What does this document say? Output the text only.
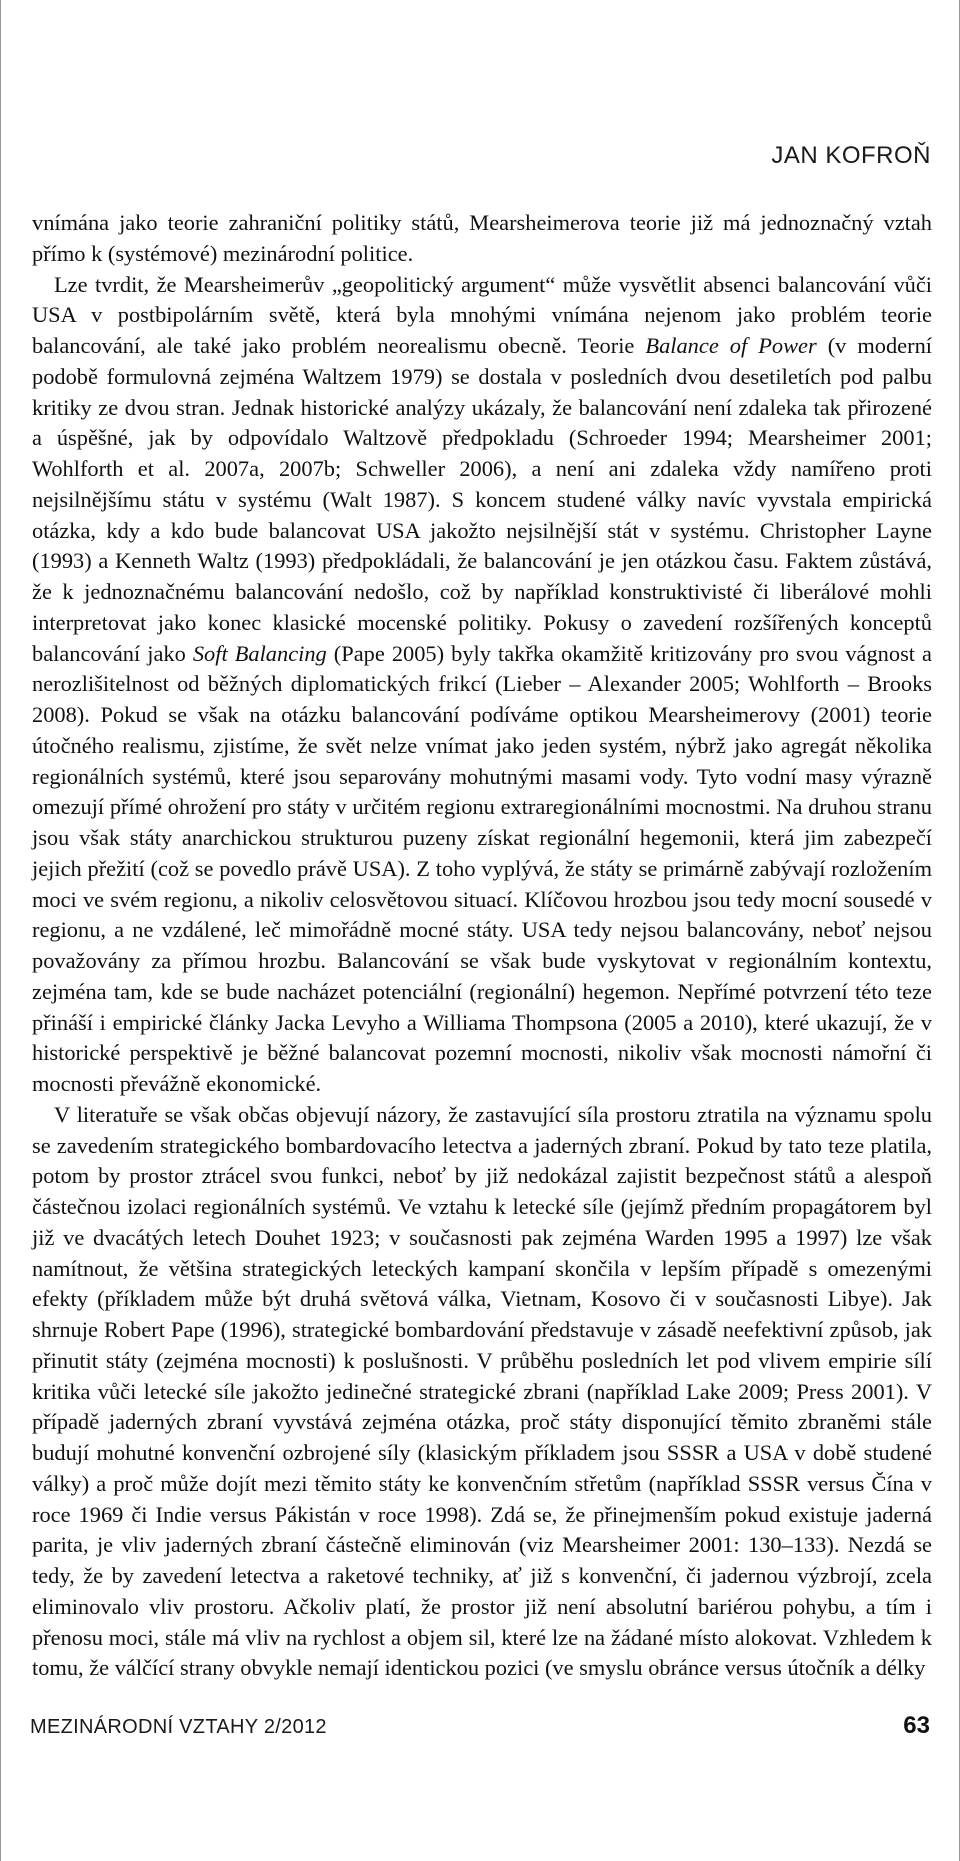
JAN KOFROŇ

vnímána jako teorie zahraniční politiky států, Mearsheimerova teorie již má jednoznačný vztah přímo k (systémové) mezinárodní politice.

Lze tvrdit, že Mearsheimerův „geopolitický argument“ může vysvětlit absenci balancování vůči USA v postbipolárním světě, která byla mnohými vnímána nejenom jako problém teorie balancování, ale také jako problém neorealismu obecně. Teorie Balance of Power (v moderní podobě formulovná zejména Waltzem 1979) se dostala v posledních dvou desetiletích pod palbu kritiky ze dvou stran. Jednak historické analýzy ukázaly, že balancování není zdaleka tak přirozené a úspěšné, jak by odpovídalo Waltzově předpokladu (Schroeder 1994; Mearsheimer 2001; Wohlforth et al. 2007a, 2007b; Schweller 2006), a není ani zdaleka vždy namířeno proti nejsilnějšímu státu v systému (Walt 1987). S koncem studené války navíc vyvstala empirická otázka, kdy a kdo bude balancovat USA jakožto nejsilnější stát v systému. Christopher Layne (1993) a Kenneth Waltz (1993) předpokládali, že balancování je jen otázkou času. Faktem zůstává, že k jednoznačnému balancování nedošlo, což by například konstruktivisté či liberálové mohli interpretovat jako konec klasické mocenské politiky. Pokusy o zavedení rozšířených konceptů balancování jako Soft Balancing (Pape 2005) byly takřka okamžitě kritizovány pro svou vágnost a nerozlišitelnost od běžných diplomatických frikcí (Lieber – Alexander 2005; Wohlforth – Brooks 2008). Pokud se však na otázku balancování podíváme optikou Mearsheimerovy (2001) teorie útočného realismu, zjistíme, že svět nelze vnímat jako jeden systém, nýbrž jako agregát několika regionálních systémů, které jsou separovány mohutnými masami vody. Tyto vodní masy výrazně omezují přímé ohrožení pro státy v určitém regionu extraregionálními mocnostmi. Na druhou stranu jsou však státy anarchickou strukturou puzeny získat regionální hegemonii, která jim zabezpečí jejich přežití (což se povedlo právě USA). Z toho vyplývá, že státy se primárně zabývají rozložením moci ve svém regionu, a nikoliv celosvětovou situací. Klíčovou hrozbou jsou tedy mocní sousedé v regionu, a ne vzdálené, leč mimořádně mocné státy. USA tedy nejsou balancovány, neboť nejsou považovány za přímou hrozbu. Balancování se však bude vyskytovat v regionálním kontextu, zejména tam, kde se bude nacházet potenciální (regionální) hegemon. Nepřímé potvrzení této teze přináší i empirické články Jacka Levyho a Williama Thompsona (2005 a 2010), které ukazují, že v historické perspektivě je běžné balancovat pozemní mocnosti, nikoliv však mocnosti námořní či mocnosti převážně ekonomické.

V literatuře se však občas objevují názory, že zastavující síla prostoru ztratila na významu spolu se zavedením strategického bombardovacího letectva a jaderných zbraní. Pokud by tato teze platila, potom by prostor ztrácel svou funkci, neboť by již nedokázal zajistit bezpečnost států a alespoň částečnou izolaci regionálních systémů. Ve vztahu k letecké síle (jejímž předním propagátorem byl již ve dvacátých letech Douhet 1923; v současnosti pak zejména Warden 1995 a 1997) lze však namítnout, že většina strategických leteckých kampaní skončila v lepším případě s omezenými efekty (příkladem může být druhá světová válka, Vietnam, Kosovo či v současnosti Libye). Jak shrnuje Robert Pape (1996), strategické bombardování představuje v zásadě neefektivní způsob, jak přinutit státy (zejména mocnosti) k poslušnosti. V průběhu posledních let pod vlivem empirie sílí kritika vůči letecké síle jakožto jedinečné strategické zbrani (například Lake 2009; Press 2001). V případě jaderných zbraní vyvstává zejména otázka, proč státy disponující těmito zbraněmi stále budují mohutné konvenční ozbrojené síly (klasickým příkladem jsou SSSR a USA v době studené války) a proč může dojít mezi těmito státy ke konvenčním střetům (například SSSR versus Čína v roce 1969 či Indie versus Pákistán v roce 1998). Zdá se, že přinejmenším pokud existuje jaderná parita, je vliv jaderných zbraní částečně eliminován (viz Mearsheimer 2001: 130–133). Nezdá se tedy, že by zavedení letectva a raketové techniky, ať již s konvenční, či jadernou výzbrojí, zcela eliminovalo vliv prostoru. Ačkoliv platí, že prostor již není absolutní bariérou pohybu, a tím i přenosu moci, stále má vliv na rychlost a objem sil, které lze na žádané místo alokovat. Vzhledem k tomu, že válčící strany obvykle nemají identickou pozici (ve smyslu obránce versus útočník a délky

MEZINÁRODNÍ VZTAHY 2/2012	63
